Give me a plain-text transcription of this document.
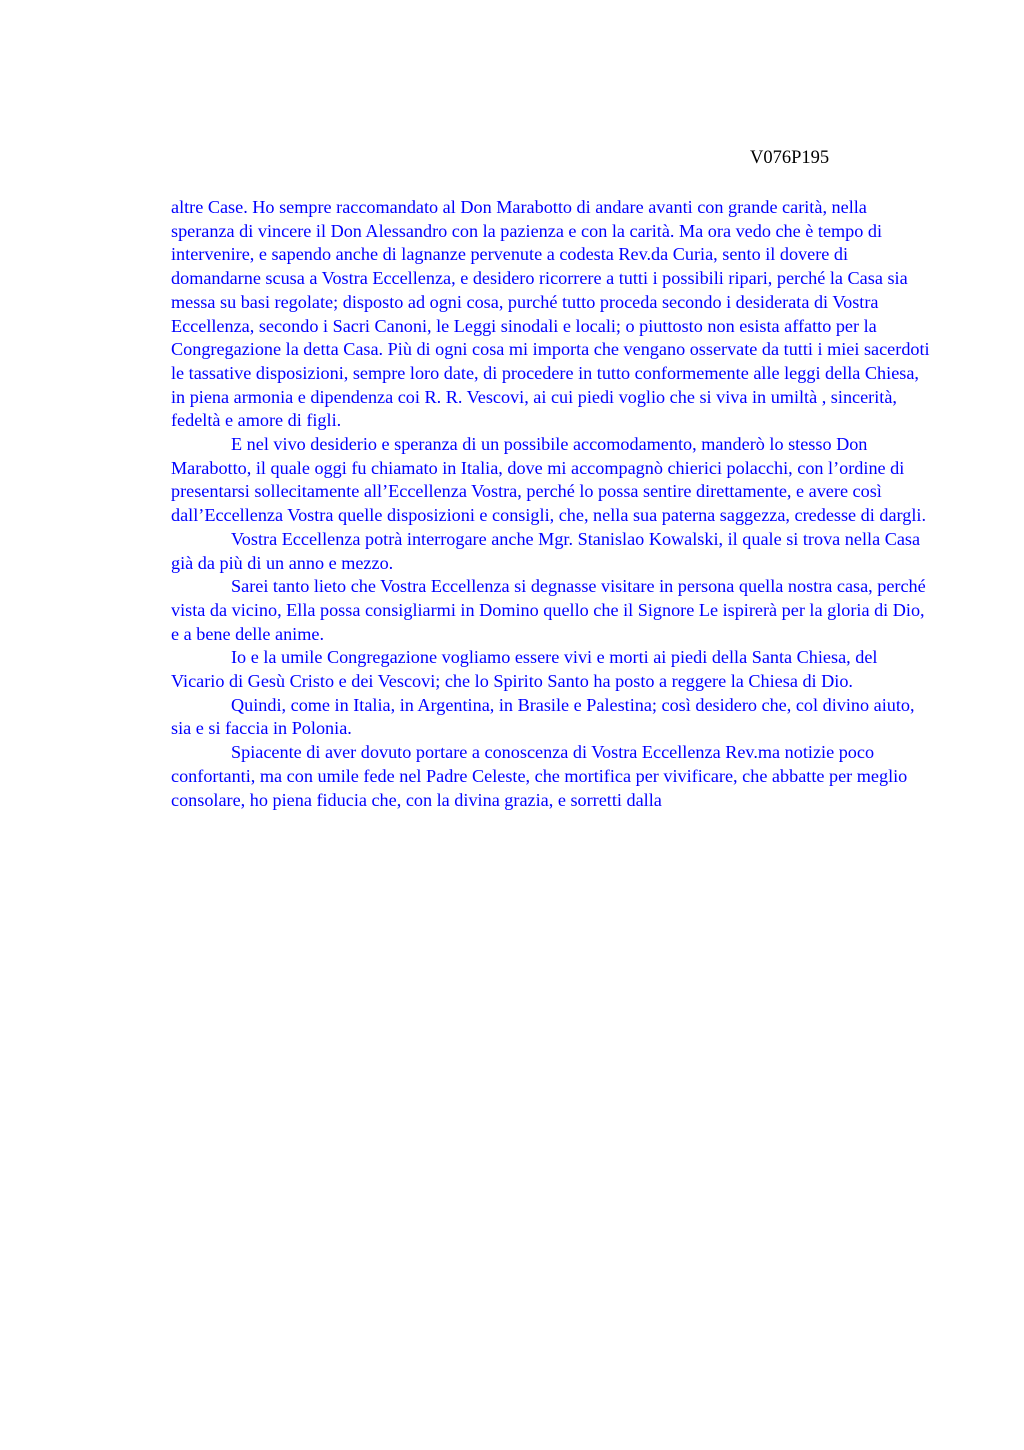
V076P195

altre Case. Ho sempre raccomandato al Don Marabotto di andare avanti con grande carità, nella speranza di vincere il Don Alessandro con la pazienza e con la carità. Ma ora vedo che è tempo di intervenire, e sapendo anche di lagnanze pervenute a codesta Rev.da Curia, sento il dovere di domandarne scusa a Vostra Eccellenza, e desidero ricorrere a tutti i possibili ripari, perché la Casa sia messa su basi regolate; disposto ad ogni cosa, purché tutto proceda secondo i desiderata di Vostra Eccellenza, secondo i Sacri Canoni, le Leggi sinodali e locali; o piuttosto non esista affatto per la Congregazione la detta Casa. Più di ogni cosa mi importa che vengano osservate da tutti i miei sacerdoti le tassative disposizioni, sempre loro date, di procedere in tutto conformemente alle leggi della Chiesa, in piena armonia e dipendenza coi R. R. Vescovi, ai cui piedi voglio che si viva in umiltà , sincerità, fedeltà e amore di figli.

E nel vivo desiderio e speranza di un possibile accomodamento, manderò lo stesso Don Marabotto, il quale oggi fu chiamato in Italia, dove mi accompagnò chierici polacchi, con l’ordine di presentarsi sollecitamente all’Eccellenza Vostra, perché lo possa sentire direttamente, e avere così dall’Eccellenza Vostra quelle disposizioni e consigli, che, nella sua paterna saggezza, credesse di dargli.

Vostra Eccellenza potrà interrogare anche Mgr. Stanislao Kowalski, il quale si trova nella Casa già da più di un anno e mezzo.

Sarei tanto lieto che Vostra Eccellenza si degnasse visitare in persona quella nostra casa, perché vista da vicino, Ella possa consigliarmi in Domino quello che il Signore Le ispirerà per la gloria di Dio, e a bene delle anime.

Io e la umile Congregazione vogliamo essere vivi e morti ai piedi della Santa Chiesa, del Vicario di Gesù Cristo e dei Vescovi; che lo Spirito Santo ha posto a reggere la Chiesa di Dio.

Quindi, come in Italia, in Argentina, in Brasile e Palestina; così desidero che, col divino aiuto, sia e si faccia in Polonia.

Spiacente di aver dovuto portare a conoscenza di Vostra Eccellenza Rev.ma notizie poco confortanti, ma con umile fede nel Padre Celeste, che mortifica per vivificare, che abbatte per meglio consolare, ho piena fiducia che, con la divina grazia, e sorretti dalla
